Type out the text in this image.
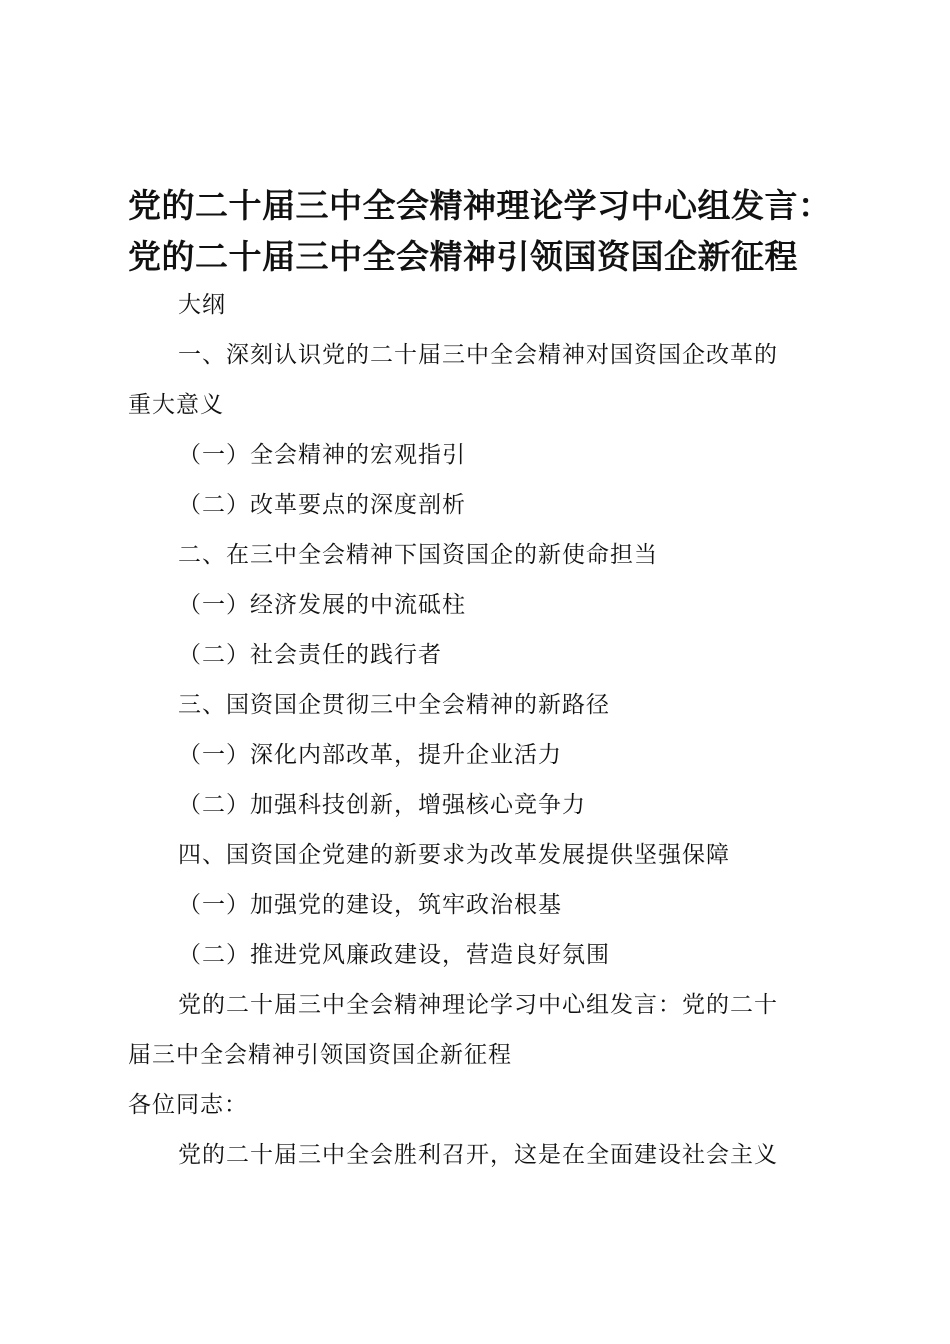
党的二十届三中全会精神理论学习中心组发言：
党的二十届三中全会精神引领国资国企新征程
大纲
一、深刻认识党的二十届三中全会精神对国资国企改革的
重大意义
（一）全会精神的宏观指引
（二）改革要点的深度剖析
二、在三中全会精神下国资国企的新使命担当
（一）经济发展的中流砥柱
（二）社会责任的践行者
三、国资国企贯彻三中全会精神的新路径
（一）深化内部改革，提升企业活力
（二）加强科技创新，增强核心竞争力
四、国资国企党建的新要求为改革发展提供坚强保障
（一）加强党的建设，筑牢政治根基
（二）推进党风廉政建设，营造良好氛围
党的二十届三中全会精神理论学习中心组发言：党的二十
届三中全会精神引领国资国企新征程
各位同志：
党的二十届三中全会胜利召开，这是在全面建设社会主义
